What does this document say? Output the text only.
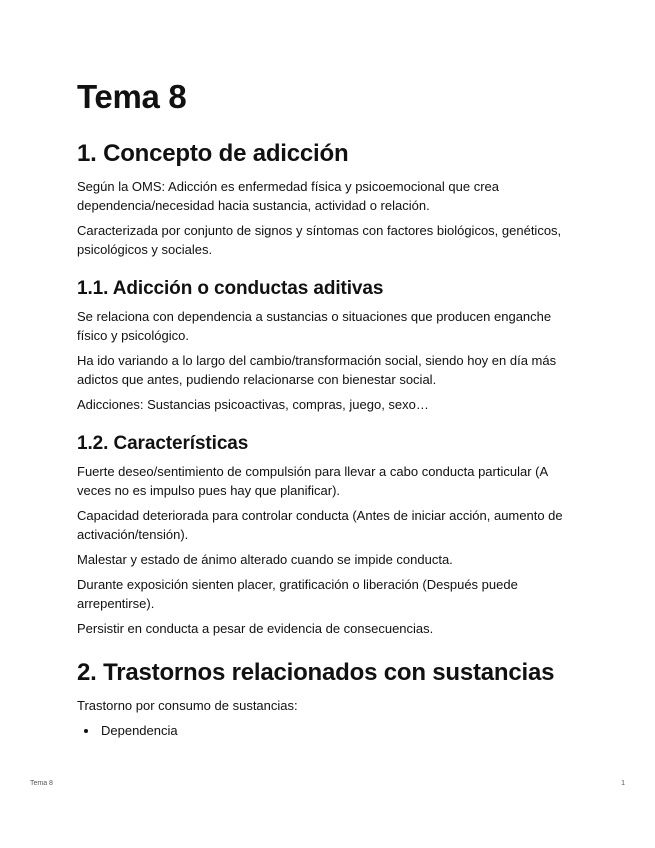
Tema 8
1. Concepto de adicción

Según la OMS: Adicción es enfermedad física y psicoemocional que crea dependencia/necesidad hacia sustancia, actividad o relación.

Caracterizada por conjunto de signos y síntomas con factores biológicos, genéticos, psicológicos y sociales.

1.1. Adicción o conductas aditivas

Se relaciona con dependencia a sustancias o situaciones que producen enganche físico y psicológico.

Ha ido variando a lo largo del cambio/transformación social, siendo hoy en día más adictos que antes, pudiendo relacionarse con bienestar social.

Adicciones: Sustancias psicoactivas, compras, juego, sexo…

1.2. Características

Fuerte deseo/sentimiento de compulsión para llevar a cabo conducta particular (A veces no es impulso pues hay que planificar).

Capacidad deteriorada para controlar conducta (Antes de iniciar acción, aumento de activación/tensión).

Malestar y estado de ánimo alterado cuando se impide conducta.

Durante exposición sienten placer, gratificación o liberación (Después puede arrepentirse).

Persistir en conducta a pesar de evidencia de consecuencias.

2. Trastornos relacionados con sustancias

Trastorno por consumo de sustancias:

• Dependencia
Tema 8	1
